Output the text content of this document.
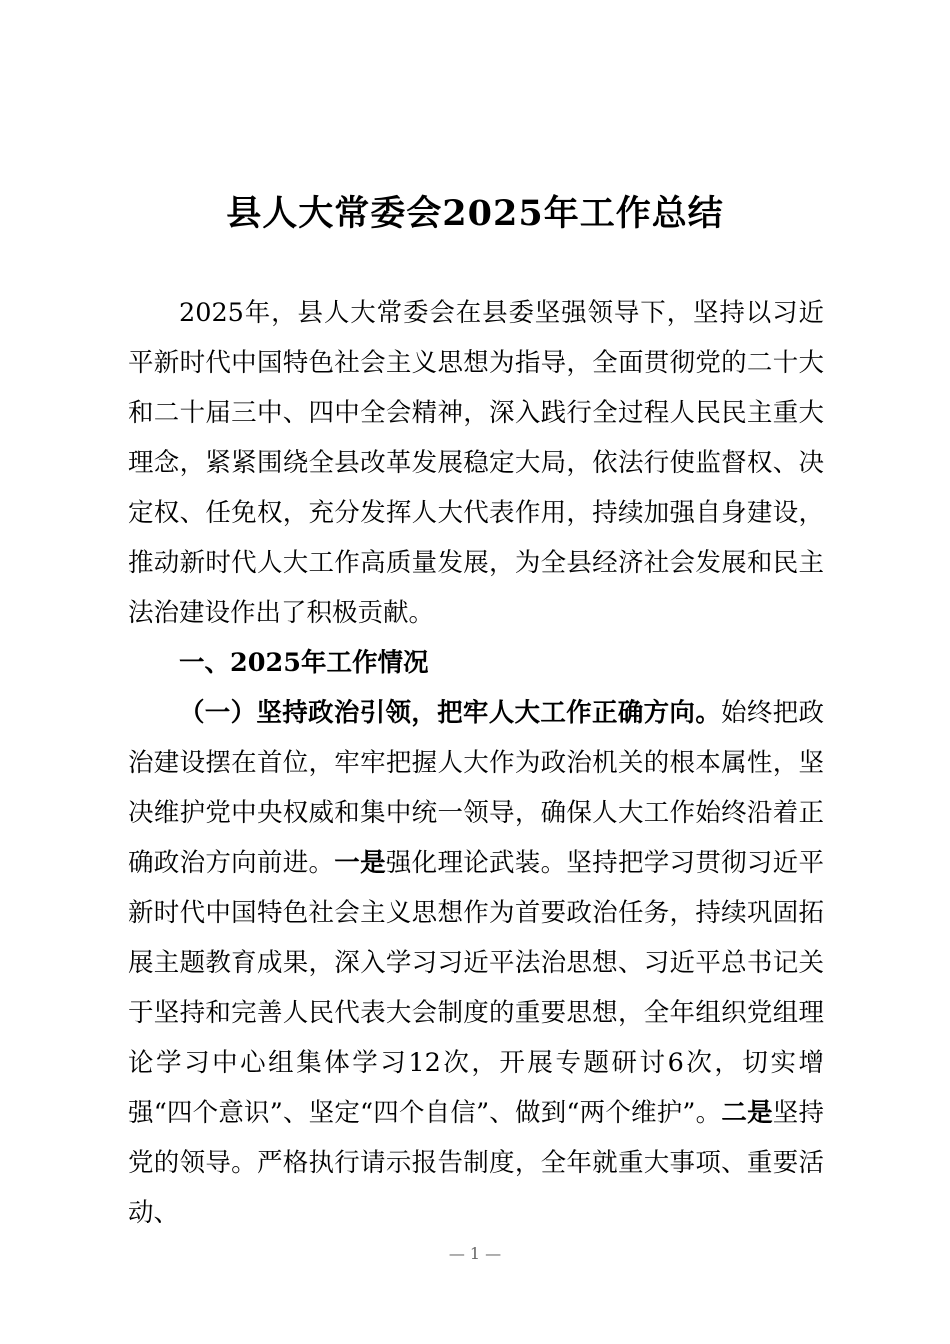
县人大常委会2025年工作总结

2025年，县人大常委会在县委坚强领导下，坚持以习近平新时代中国特色社会主义思想为指导，全面贯彻党的二十大和二十届三中、四中全会精神，深入践行全过程人民民主重大理念，紧紧围绕全县改革发展稳定大局，依法行使监督权、决定权、任免权，充分发挥人大代表作用，持续加强自身建设，推动新时代人大工作高质量发展，为全县经济社会发展和民主法治建设作出了积极贡献。

一、2025年工作情况

（一）坚持政治引领，把牢人大工作正确方向。始终把政治建设摆在首位，牢牢把握人大作为政治机关的根本属性，坚决维护党中央权威和集中统一领导，确保人大工作始终沿着正确政治方向前进。一是强化理论武装。坚持把学习贯彻习近平新时代中国特色社会主义思想作为首要政治任务，持续巩固拓展主题教育成果，深入学习习近平法治思想、习近平总书记关于坚持和完善人民代表大会制度的重要思想，全年组织党组理论学习中心组集体学习12次，开展专题研讨6次，切实增强“四个意识”、坚定“四个自信”、做到“两个维护”。二是坚持党的领导。严格执行请示报告制度，全年就重大事项、重要活动、

— 1 —
